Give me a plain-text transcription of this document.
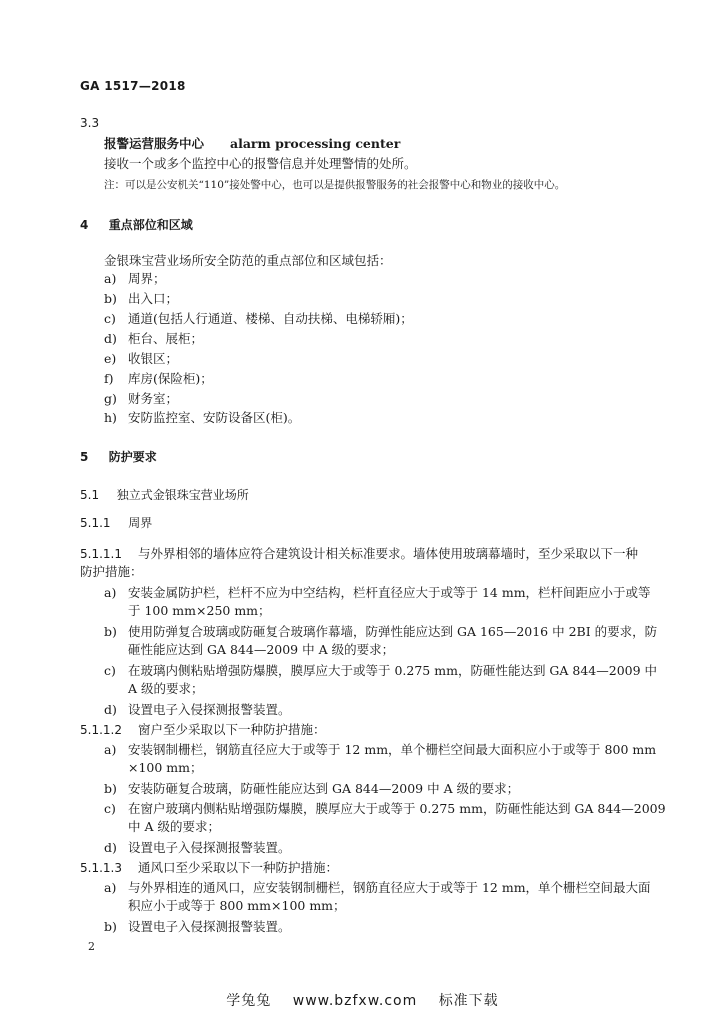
GA 1517—2018
3.3
报警运营服务中心 alarm processing center
接收一个或多个监控中心的报警信息并处理警情的处所。
注：可以是公安机关“110”接处警中心，也可以是提供报警服务的社会报警中心和物业的接收中心。
4 重点部位和区域
金银珠宝营业场所安全防范的重点部位和区域包括：
a) 周界；
b) 出入口；
c) 通道(包括人行通道、楼梯、自动扶梯、电梯轿厢)；
d) 柜台、展柜；
e) 收银区；
f) 库房(保险柜)；
g) 财务室；
h) 安防监控室、安防设备区(柜)。
5 防护要求
5.1 独立式金银珠宝营业场所
5.1.1 周界
5.1.1.1 与外界相邻的墙体应符合建筑设计相关标准要求。墙体使用玻璃幕墙时，至少采取以下一种
防护措施：
a) 安装金属防护栏，栏杆不应为中空结构，栏杆直径应大于或等于 14 mm，栏杆间距应小于或等
于 100 mm×250 mm；
b) 使用防弹复合玻璃或防砸复合玻璃作幕墙，防弹性能应达到 GA 165—2016 中 2BI 的要求，防
砸性能应达到 GA 844—2009 中 A 级的要求；
c) 在玻璃内侧粘贴增强防爆膜，膜厚应大于或等于 0.275 mm，防砸性能达到 GA 844—2009 中
A 级的要求；
d) 设置电子入侵探测报警装置。
5.1.1.2 窗户至少采取以下一种防护措施：
a) 安装钢制栅栏，钢筋直径应大于或等于 12 mm，单个栅栏空间最大面积应小于或等于 800 mm
×100 mm；
b) 安装防砸复合玻璃，防砸性能应达到 GA 844—2009 中 A 级的要求；
c) 在窗户玻璃内侧粘贴增强防爆膜，膜厚应大于或等于 0.275 mm，防砸性能达到 GA 844—2009
中 A 级的要求；
d) 设置电子入侵探测报警装置。
5.1.1.3 通风口至少采取以下一种防护措施：
a) 与外界相连的通风口，应安装钢制栅栏，钢筋直径应大于或等于 12 mm，单个栅栏空间最大面
积应小于或等于 800 mm×100 mm；
b) 设置电子入侵探测报警装置。
2
学兔兔 www.bzfxw.com 标准下载
